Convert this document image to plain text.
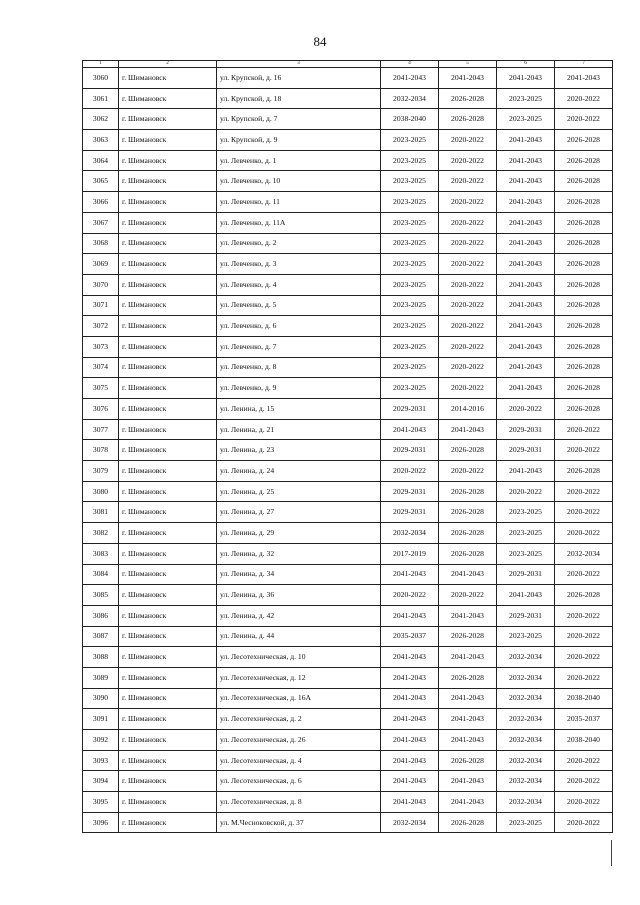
84
1	2	3	4	5	6	7
3060	г. Шимановск	ул. Крупской, д. 16	2041-2043	2041-2043	2041-2043	2041-2043
3061	г. Шимановск	ул. Крупской, д. 18	2032-2034	2026-2028	2023-2025	2020-2022
3062	г. Шимановск	ул. Крупской, д. 7	2038-2040	2026-2028	2023-2025	2020-2022
3063	г. Шимановск	ул. Крупской, д. 9	2023-2025	2020-2022	2041-2043	2026-2028
3064	г. Шимановск	ул. Левченко, д. 1	2023-2025	2020-2022	2041-2043	2026-2028
3065	г. Шимановск	ул. Левченко, д. 10	2023-2025	2020-2022	2041-2043	2026-2028
3066	г. Шимановск	ул. Левченко, д. 11	2023-2025	2020-2022	2041-2043	2026-2028
3067	г. Шимановск	ул. Левченко, д. 11А	2023-2025	2020-2022	2041-2043	2026-2028
3068	г. Шимановск	ул. Левченко, д. 2	2023-2025	2020-2022	2041-2043	2026-2028
3069	г. Шимановск	ул. Левченко, д. 3	2023-2025	2020-2022	2041-2043	2026-2028
3070	г. Шимановск	ул. Левченко, д. 4	2023-2025	2020-2022	2041-2043	2026-2028
3071	г. Шимановск	ул. Левченко, д. 5	2023-2025	2020-2022	2041-2043	2026-2028
3072	г. Шимановск	ул. Левченко, д. 6	2023-2025	2020-2022	2041-2043	2026-2028
3073	г. Шимановск	ул. Левченко, д. 7	2023-2025	2020-2022	2041-2043	2026-2028
3074	г. Шимановск	ул. Левченко, д. 8	2023-2025	2020-2022	2041-2043	2026-2028
3075	г. Шимановск	ул. Левченко, д. 9	2023-2025	2020-2022	2041-2043	2026-2028
3076	г. Шимановск	ул. Ленина, д. 15	2029-2031	2014-2016	2020-2022	2026-2028
3077	г. Шимановск	ул. Ленина, д. 21	2041-2043	2041-2043	2029-2031	2020-2022
3078	г. Шимановск	ул. Ленина, д. 23	2029-2031	2026-2028	2029-2031	2020-2022
3079	г. Шимановск	ул. Ленина, д. 24	2020-2022	2020-2022	2041-2043	2026-2028
3080	г. Шимановск	ул. Ленина, д. 25	2029-2031	2026-2028	2020-2022	2020-2022
3081	г. Шимановск	ул. Ленина, д. 27	2029-2031	2026-2028	2023-2025	2020-2022
3082	г. Шимановск	ул. Ленина, д. 29	2032-2034	2026-2028	2023-2025	2020-2022
3083	г. Шимановск	ул. Ленина, д. 32	2017-2019	2026-2028	2023-2025	2032-2034
3084	г. Шимановск	ул. Ленина, д. 34	2041-2043	2041-2043	2029-2031	2020-2022
3085	г. Шимановск	ул. Ленина, д. 36	2020-2022	2020-2022	2041-2043	2026-2028
3086	г. Шимановск	ул. Ленина, д. 42	2041-2043	2041-2043	2029-2031	2020-2022
3087	г. Шимановск	ул. Ленина, д. 44	2035-2037	2026-2028	2023-2025	2020-2022
3088	г. Шимановск	ул. Лесотехническая, д. 10	2041-2043	2041-2043	2032-2034	2020-2022
3089	г. Шимановск	ул. Лесотехническая, д. 12	2041-2043	2026-2028	2032-2034	2020-2022
3090	г. Шимановск	ул. Лесотехническая, д. 16А	2041-2043	2041-2043	2032-2034	2038-2040
3091	г. Шимановск	ул. Лесотехническая, д. 2	2041-2043	2041-2043	2032-2034	2035-2037
3092	г. Шимановск	ул. Лесотехническая, д. 26	2041-2043	2041-2043	2032-2034	2038-2040
3093	г. Шимановск	ул. Лесотехническая, д. 4	2041-2043	2026-2028	2032-2034	2020-2022
3094	г. Шимановск	ул. Лесотехническая, д. 6	2041-2043	2041-2043	2032-2034	2020-2022
3095	г. Шимановск	ул. Лесотехническая, д. 8	2041-2043	2041-2043	2032-2034	2020-2022
3096	г. Шимановск	ул. М.Чесноковской, д. 37	2032-2034	2026-2028	2023-2025	2020-2022
